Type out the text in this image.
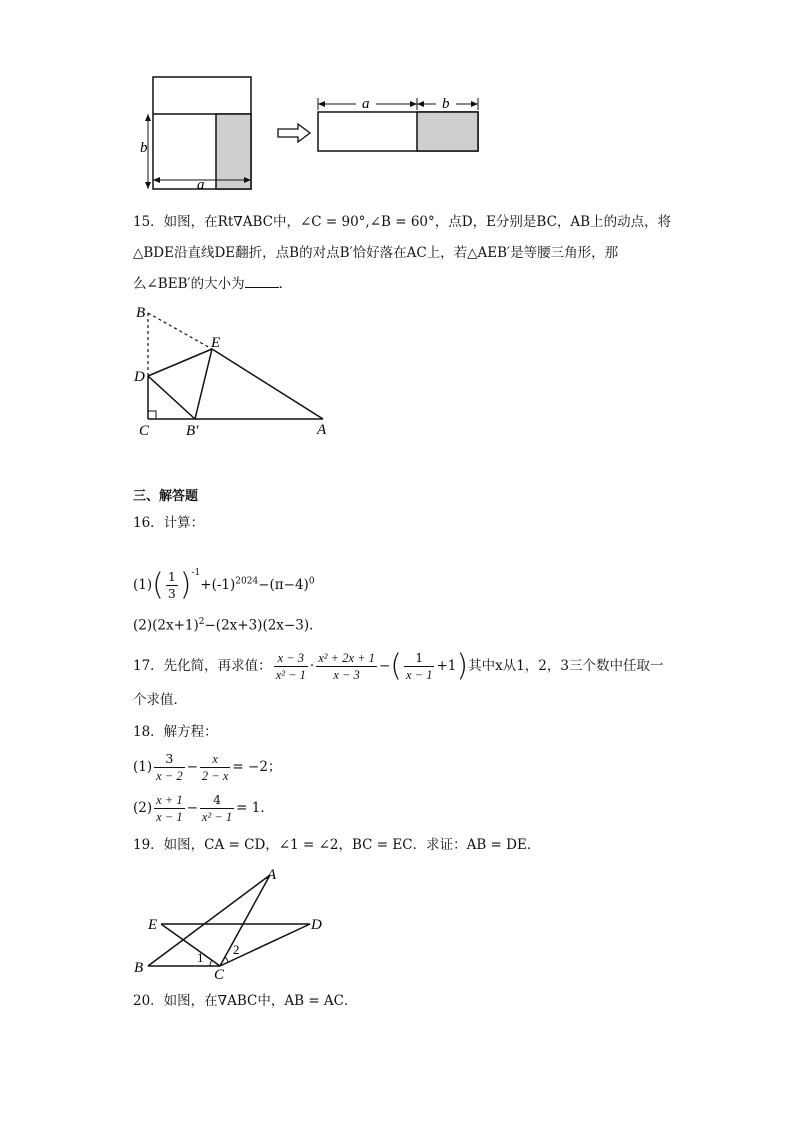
b
a
a	b
15．如图，在Rt∇ABC中，∠C = 90°,∠B = 60°，点D，E分别是BC，AB上的动点，将
△BDE沿直线DE翻折，点B的对点B′恰好落在AC上，若△AEB′是等腰三角形，那
么∠BEB′的大小为	．
B
E
D
C B′	A
三、解答题
16．计算：
$(1)( \frac{1}{3} )^{-1}+(-1)^{2024}-(\pi-4)^0$
$(2)(2x+1)^2-(2x+3)(2x-3)$．
17．先化简，再求值： $\frac{x - 3}{\text{x² − 1}} \cdot \frac{\text{x² + 2x + 1}}{x - 3}$ −( $\frac{1}{x - 1} +1$)其中x从1，2，3三个数中任取一
个求值．
18．解方程：
$(1) \frac{3}{x - 2} - \frac{x}{2 - x} = -2$；
$(2) \frac{x + 1}{x - 1} - \frac{4}{\text{x² − 1}} = 1$．
19．如图，CA = CD，∠1 = ∠2，BC = EC．求证：AB = DE．
A
E	D
B	C
1
2
20．如图，在∇ABC中，AB = AC．
